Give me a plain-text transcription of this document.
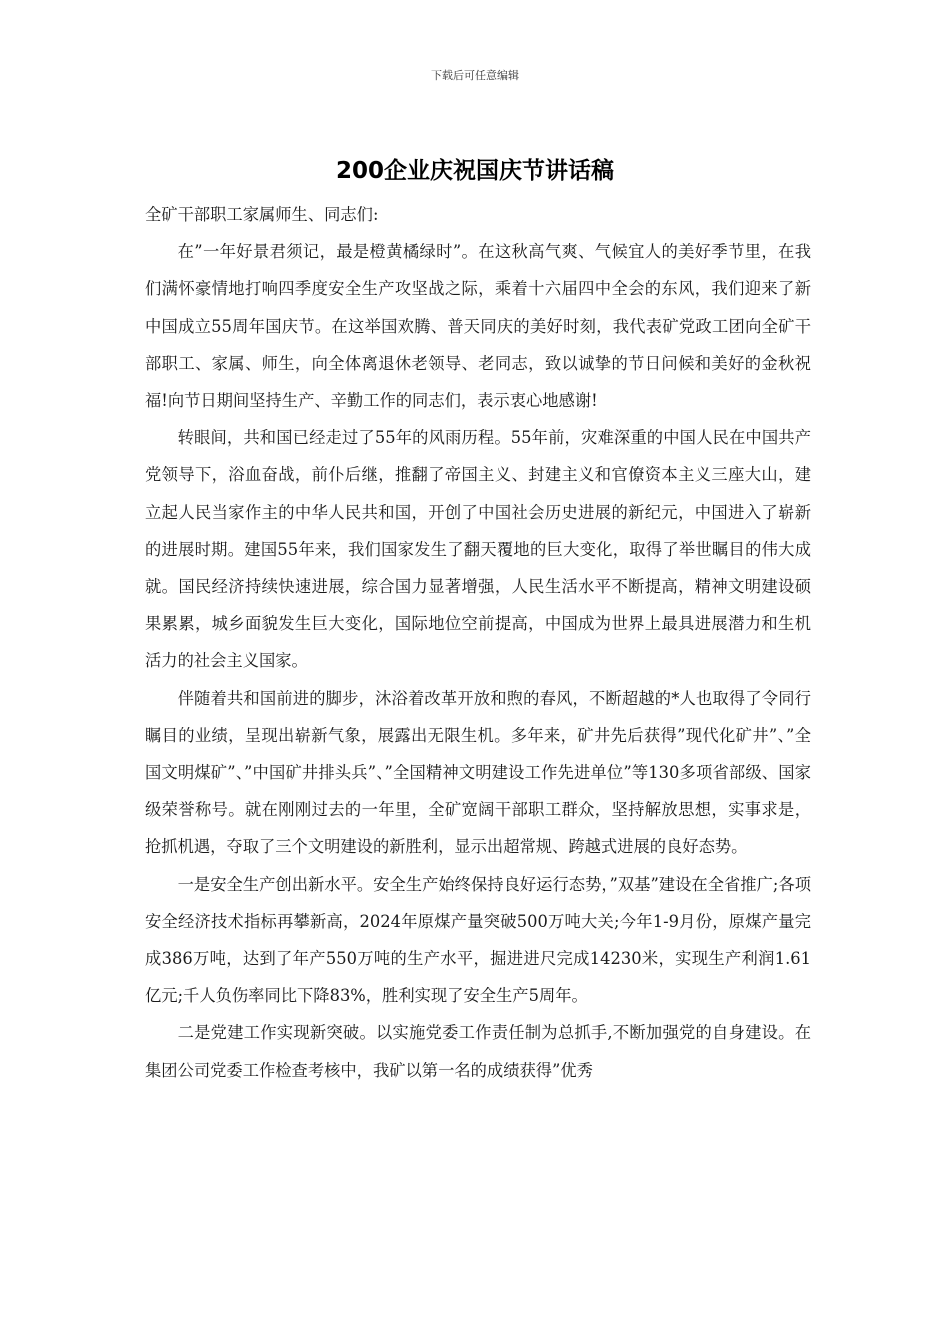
下载后可任意编辑
200企业庆祝国庆节讲话稿

全矿干部职工家属师生、同志们:

在”一年好景君须记，最是橙黄橘绿时”。在这秋高气爽、气候宜人的美好季节里，在我们满怀豪情地打响四季度安全生产攻坚战之际，乘着十六届四中全会的东风，我们迎来了新中国成立55周年国庆节。在这举国欢腾、普天同庆的美好时刻，我代表矿党政工团向全矿干部职工、家属、师生，向全体离退休老领导、老同志，致以诚挚的节日问候和美好的金秋祝福!向节日期间坚持生产、辛勤工作的同志们，表示衷心地感谢!

转眼间，共和国已经走过了55年的风雨历程。55年前，灾难深重的中国人民在中国共产党领导下，浴血奋战，前仆后继，推翻了帝国主义、封建主义和官僚资本主义三座大山，建立起人民当家作主的中华人民共和国，开创了中国社会历史进展的新纪元，中国进入了崭新的进展时期。建国55年来，我们国家发生了翻天覆地的巨大变化，取得了举世瞩目的伟大成就。国民经济持续快速进展，综合国力显著增强，人民生活水平不断提高，精神文明建设硕果累累，城乡面貌发生巨大变化，国际地位空前提高，中国成为世界上最具进展潜力和生机活力的社会主义国家。

伴随着共和国前进的脚步，沐浴着改革开放和煦的春风，不断超越的*人也取得了令同行瞩目的业绩，呈现出崭新气象，展露出无限生机。多年来，矿井先后获得”现代化矿井”、”全国文明煤矿”、”中国矿井排头兵”、”全国精神文明建设工作先进单位”等130多项省部级、国家级荣誉称号。就在刚刚过去的一年里，全矿宽阔干部职工群众，坚持解放思想，实事求是，抢抓机遇，夺取了三个文明建设的新胜利，显示出超常规、跨越式进展的良好态势。

一是安全生产创出新水平。安全生产始终保持良好运行态势，”双基”建设在全省推广;各项安全经济技术指标再攀新高，2024年原煤产量突破500万吨大关;今年1-9月份，原煤产量完成386万吨，达到了年产550万吨的生产水平，掘进进尺完成14230米，实现生产利润1.61亿元;千人负伤率同比下降83%，胜利实现了安全生产5周年。

二是党建工作实现新突破。以实施党委工作责任制为总抓手,不断加强党的自身建设。在集团公司党委工作检查考核中，我矿以第一名的成绩获得”优秀
